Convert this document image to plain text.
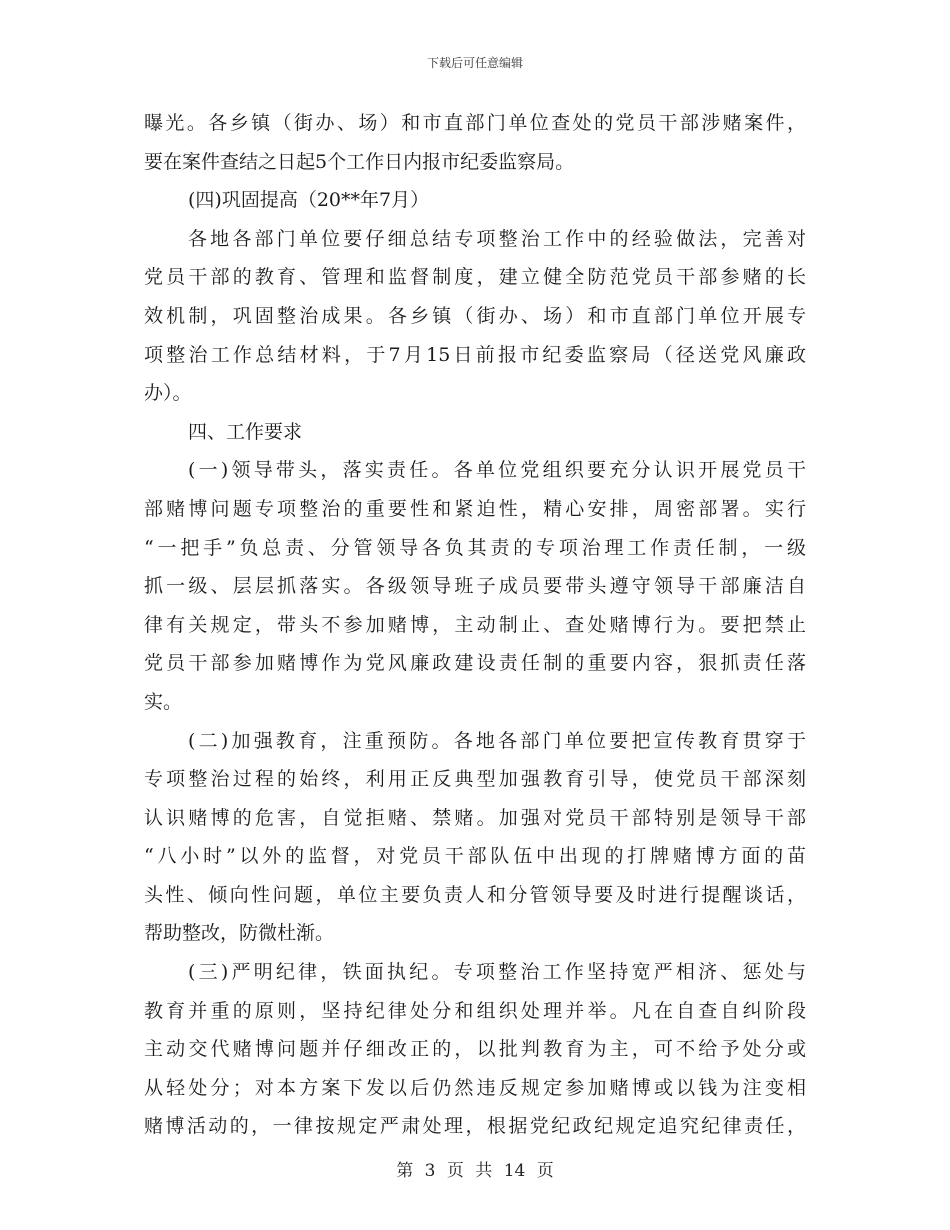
下载后可任意编辑
曝光。各乡镇（街办、场）和市直部门单位查处的党员干部涉赌案件，
要在案件查结之日起5个工作日内报市纪委监察局。
(四)巩固提高（20**年7月）
各地各部门单位要仔细总结专项整治工作中的经验做法，完善对
党员干部的教育、管理和监督制度，建立健全防范党员干部参赌的长
效机制，巩固整治成果。各乡镇（街办、场）和市直部门单位开展专
项整治工作总结材料，于7月15日前报市纪委监察局（径送党风廉政
办）。
四、工作要求
(一)领导带头，落实责任。各单位党组织要充分认识开展党员干
部赌博问题专项整治的重要性和紧迫性，精心安排，周密部署。实行
“一把手”负总责、分管领导各负其责的专项治理工作责任制，一级
抓一级、层层抓落实。各级领导班子成员要带头遵守领导干部廉洁自
律有关规定，带头不参加赌博，主动制止、查处赌博行为。要把禁止
党员干部参加赌博作为党风廉政建设责任制的重要内容，狠抓责任落
实。
(二)加强教育，注重预防。各地各部门单位要把宣传教育贯穿于
专项整治过程的始终，利用正反典型加强教育引导，使党员干部深刻
认识赌博的危害，自觉拒赌、禁赌。加强对党员干部特别是领导干部
“八小时”以外的监督，对党员干部队伍中出现的打牌赌博方面的苗
头性、倾向性问题，单位主要负责人和分管领导要及时进行提醒谈话，
帮助整改，防微杜渐。
(三)严明纪律，铁面执纪。专项整治工作坚持宽严相济、惩处与
教育并重的原则，坚持纪律处分和组织处理并举。凡在自查自纠阶段
主动交代赌博问题并仔细改正的，以批判教育为主，可不给予处分或
从轻处分；对本方案下发以后仍然违反规定参加赌博或以钱为注变相
赌博活动的，一律按规定严肃处理，根据党纪政纪规定追究纪律责任，
第 3 页 共 14 页
